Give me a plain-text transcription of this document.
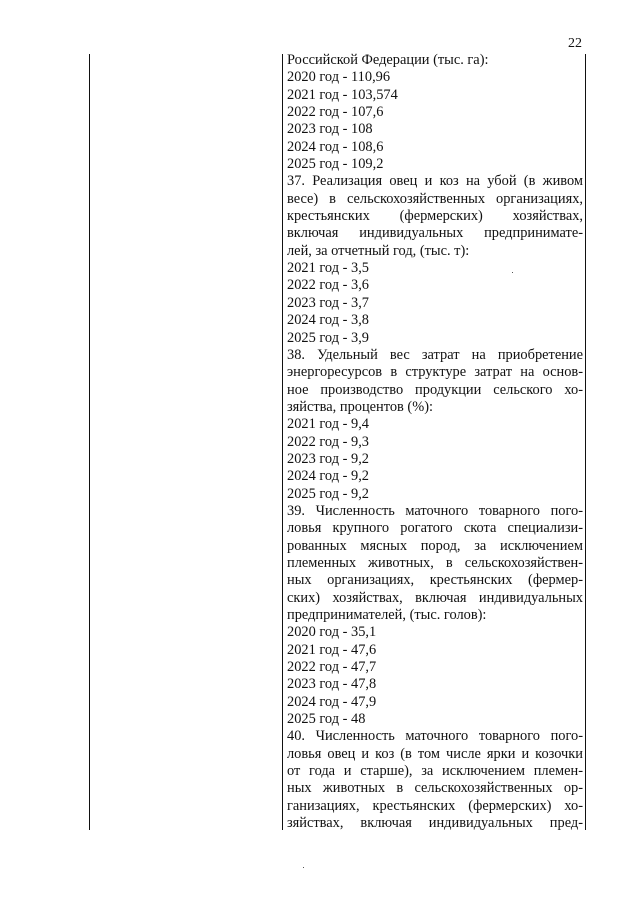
22
Российской Федерации (тыс. га):
2020 год - 110,96
2021 год - 103,574
2022 год - 107,6
2023 год - 108
2024 год - 108,6
2025 год - 109,2
37. Реализация овец и коз на убой (в живом
весе) в сельскохозяйственных организациях,
крестьянских (фермерских) хозяйствах,
включая индивидуальных предпринимате-
лей, за отчетный год, (тыс. т):
2021 год - 3,5
2022 год - 3,6
2023 год - 3,7
2024 год - 3,8
2025 год - 3,9
38. Удельный вес затрат на приобретение
энергоресурсов в структуре затрат на основ-
ное производство продукции сельского хо-
зяйства, процентов (%):
2021 год - 9,4
2022 год - 9,3
2023 год - 9,2
2024 год - 9,2
2025 год - 9,2
39. Численность маточного товарного пого-
ловья крупного рогатого скота специализи-
рованных мясных пород, за исключением
племенных животных, в сельскохозяйствен-
ных организациях, крестьянских (фермер-
ских) хозяйствах, включая индивидуальных
предпринимателей, (тыс. голов):
2020 год - 35,1
2021 год - 47,6
2022 год - 47,7
2023 год - 47,8
2024 год - 47,9
2025 год - 48
40. Численность маточного товарного пого-
ловья овец и коз (в том числе ярки и козочки
от года и старше), за исключением племен-
ных животных в сельскохозяйственных ор-
ганизациях, крестьянских (фермерских) хо-
зяйствах, включая индивидуальных пред-
